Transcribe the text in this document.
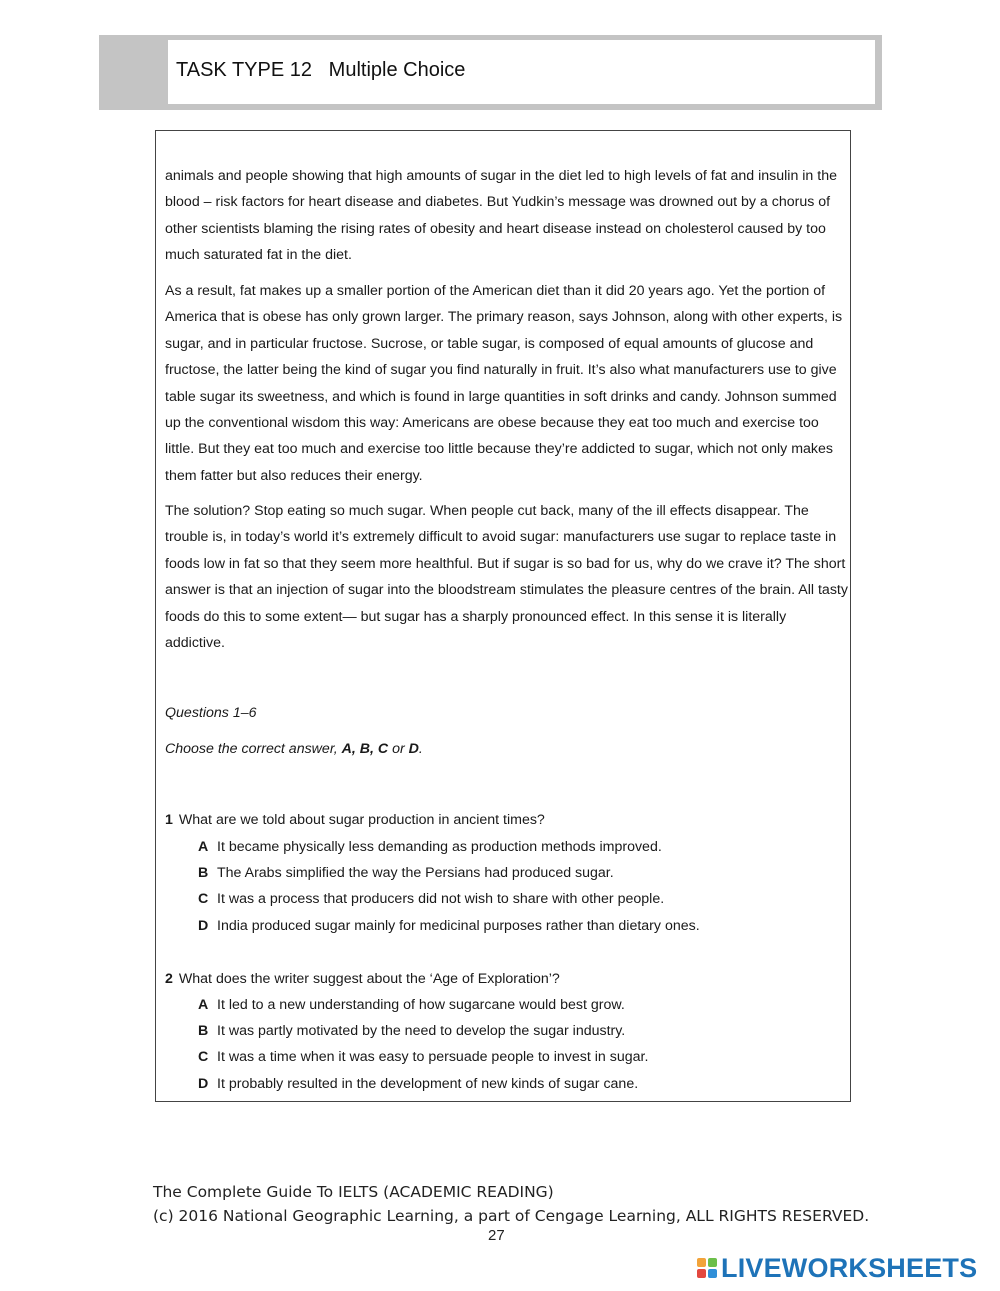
TASK TYPE 12   Multiple Choice

animals and people showing that high amounts of sugar in the diet led to high levels of fat and insulin in the blood – risk factors for heart disease and diabetes. But Yudkin’s message was drowned out by a chorus of other scientists blaming the rising rates of obesity and heart disease instead on cholesterol caused by too much saturated fat in the diet.

As a result, fat makes up a smaller portion of the American diet than it did 20 years ago. Yet the portion of America that is obese has only grown larger. The primary reason, says Johnson, along with other experts, is sugar, and in particular fructose. Sucrose, or table sugar, is composed of equal amounts of glucose and fructose, the latter being the kind of sugar you find naturally in fruit. It’s also what manufacturers use to give table sugar its sweetness, and which is found in large quantities in soft drinks and candy. Johnson summed up the conventional wisdom this way: Americans are obese because they eat too much and exercise too little. But they eat too much and exercise too little because they’re addicted to sugar, which not only makes them fatter but also reduces their energy.

The solution? Stop eating so much sugar. When people cut back, many of the ill effects disappear. The trouble is, in today’s world it’s extremely difficult to avoid sugar: manufacturers use sugar to replace taste in foods low in fat so that they seem more healthful. But if sugar is so bad for us, why do we crave it? The short answer is that an injection of sugar into the bloodstream stimulates the pleasure centres of the brain. All tasty foods do this to some extent— but sugar has a sharply pronounced effect. In this sense it is literally addictive.

Questions 1–6
Choose the correct answer, A, B, C or D.
1 What are we told about sugar production in ancient times?
A It became physically less demanding as production methods improved.
B The Arabs simplified the way the Persians had produced sugar.
C It was a process that producers did not wish to share with other people.
D India produced sugar mainly for medicinal purposes rather than dietary ones.
2 What does the writer suggest about the ‘Age of Exploration’?
A It led to a new understanding of how sugarcane would best grow.
B It was partly motivated by the need to develop the sugar industry.
C It was a time when it was easy to persuade people to invest in sugar.
D It probably resulted in the development of new kinds of sugar cane.
The Complete Guide To IELTS (ACADEMIC READING)
(c) 2016 National Geographic Learning, a part of Cengage Learning, ALL RIGHTS RESERVED.
27
LIVEWORKSHEETS
